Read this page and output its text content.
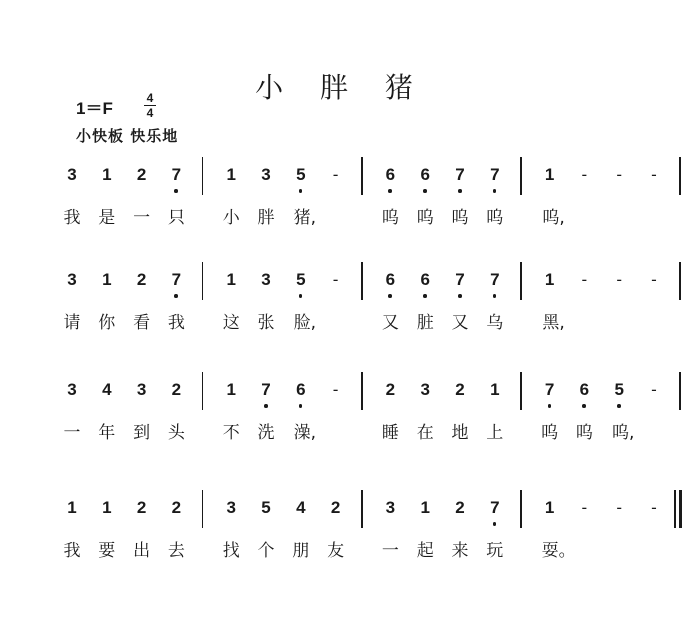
小 胖 猪
1＝F
4
4
小快板 快乐地
3	1	2	7	1	3	5	-	6	6	7	7	1	-	-	-
我 是 一 只 小 胖 猪,	呜 呜 呜 呜 呜,
3	1	2	7	1	3	5	-	6	6	7	7	1	-	-	-
请 你 看 我 这 张 脸,	又 脏 又 乌 黑,
3	4	3	2	1	7	6	-	2	3	2	1	7	6	5	-
一 年 到 头 不 洗 澡,	睡 在 地 上 呜 呜 呜,
1	1	2	2	3	5	4	2	3	1	2	7	1	-	-	-
我 要 出 去 找 个 朋 友 一 起 来 玩 耍。
